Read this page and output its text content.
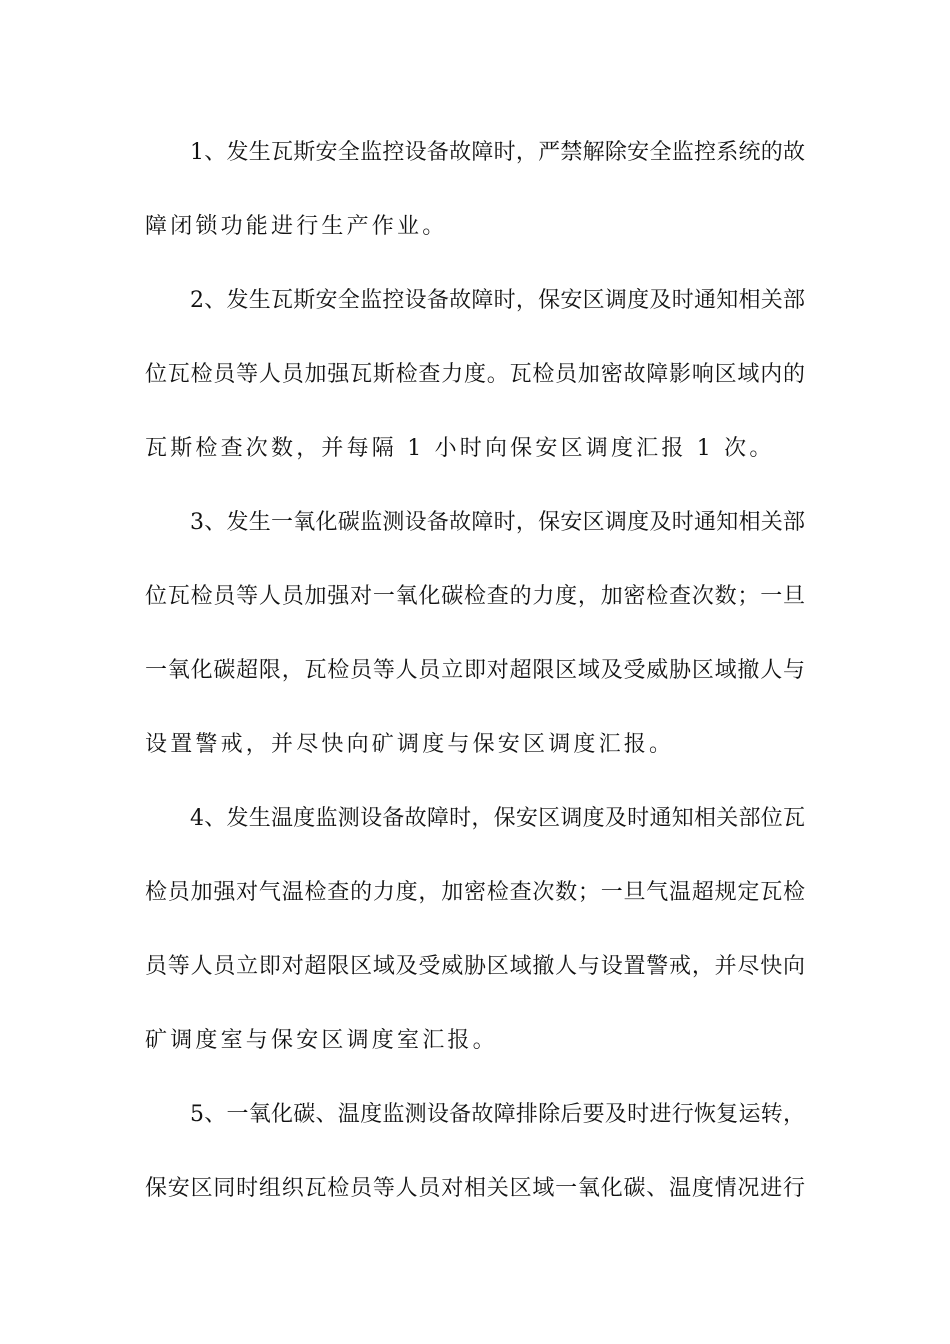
1、发生瓦斯安全监控设备故障时，严禁解除安全监控系统的故
障闭锁功能进行生产作业。
2、发生瓦斯安全监控设备故障时，保安区调度及时通知相关部
位瓦检员等人员加强瓦斯检查力度。瓦检员加密故障影响区域内的
瓦斯检查次数，并每隔 1 小时向保安区调度汇报 1 次。
3、发生一氧化碳监测设备故障时，保安区调度及时通知相关部
位瓦检员等人员加强对一氧化碳检查的力度，加密检查次数；一旦
一氧化碳超限，瓦检员等人员立即对超限区域及受威胁区域撤人与
设置警戒，并尽快向矿调度与保安区调度汇报。
4、发生温度监测设备故障时，保安区调度及时通知相关部位瓦
检员加强对气温检查的力度，加密检查次数；一旦气温超规定瓦检
员等人员立即对超限区域及受威胁区域撤人与设置警戒，并尽快向
矿调度室与保安区调度室汇报。
5、一氧化碳、温度监测设备故障排除后要及时进行恢复运转，
保安区同时组织瓦检员等人员对相关区域一氧化碳、温度情况进行
